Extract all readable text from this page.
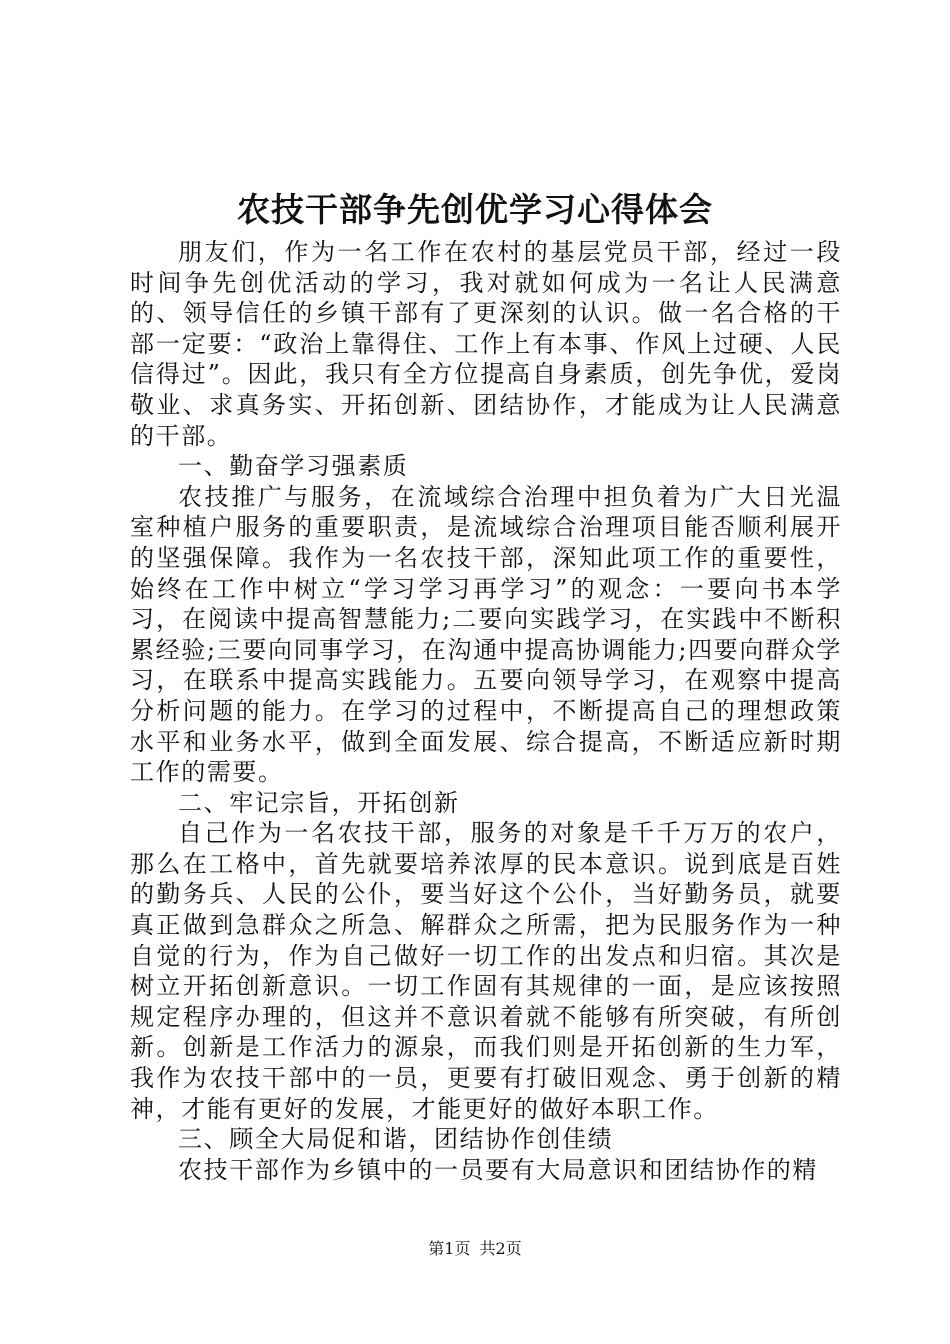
农技干部争先创优学习心得体会

朋友们，作为一名工作在农村的基层党员干部，经过一段时间争先创优活动的学习，我对就如何成为一名让人民满意的、领导信任的乡镇干部有了更深刻的认识。做一名合格的干部一定要：“政治上靠得住、工作上有本事、作风上过硬、人民信得过”。因此，我只有全方位提高自身素质，创先争优，爱岗敬业、求真务实、开拓创新、团结协作，才能成为让人民满意的干部。

一、勤奋学习强素质

农技推广与服务，在流域综合治理中担负着为广大日光温室种植户服务的重要职责，是流域综合治理项目能否顺利展开的坚强保障。我作为一名农技干部，深知此项工作的重要性，始终在工作中树立“学习学习再学习”的观念：一要向书本学习，在阅读中提高智慧能力;二要向实践学习，在实践中不断积累经验;三要向同事学习，在沟通中提高协调能力;四要向群众学习，在联系中提高实践能力。五要向领导学习，在观察中提高分析问题的能力。在学习的过程中，不断提高自己的理想政策水平和业务水平，做到全面发展、综合提高，不断适应新时期工作的需要。

二、牢记宗旨，开拓创新

自己作为一名农技干部，服务的对象是千千万万的农户，那么在工格中，首先就要培养浓厚的民本意识。说到底是百姓的勤务兵、人民的公仆，要当好这个公仆，当好勤务员，就要真正做到急群众之所急、解群众之所需，把为民服务作为一种自觉的行为，作为自己做好一切工作的出发点和归宿。其次是树立开拓创新意识。一切工作固有其规律的一面，是应该按照规定程序办理的，但这并不意识着就不能够有所突破，有所创新。创新是工作活力的源泉，而我们则是开拓创新的生力军，我作为农技干部中的一员，更要有打破旧观念、勇于创新的精神，才能有更好的发展，才能更好的做好本职工作。

三、顾全大局促和谐，团结协作创佳绩

农技干部作为乡镇中的一员要有大局意识和团结协作的精

第1页 共2页
